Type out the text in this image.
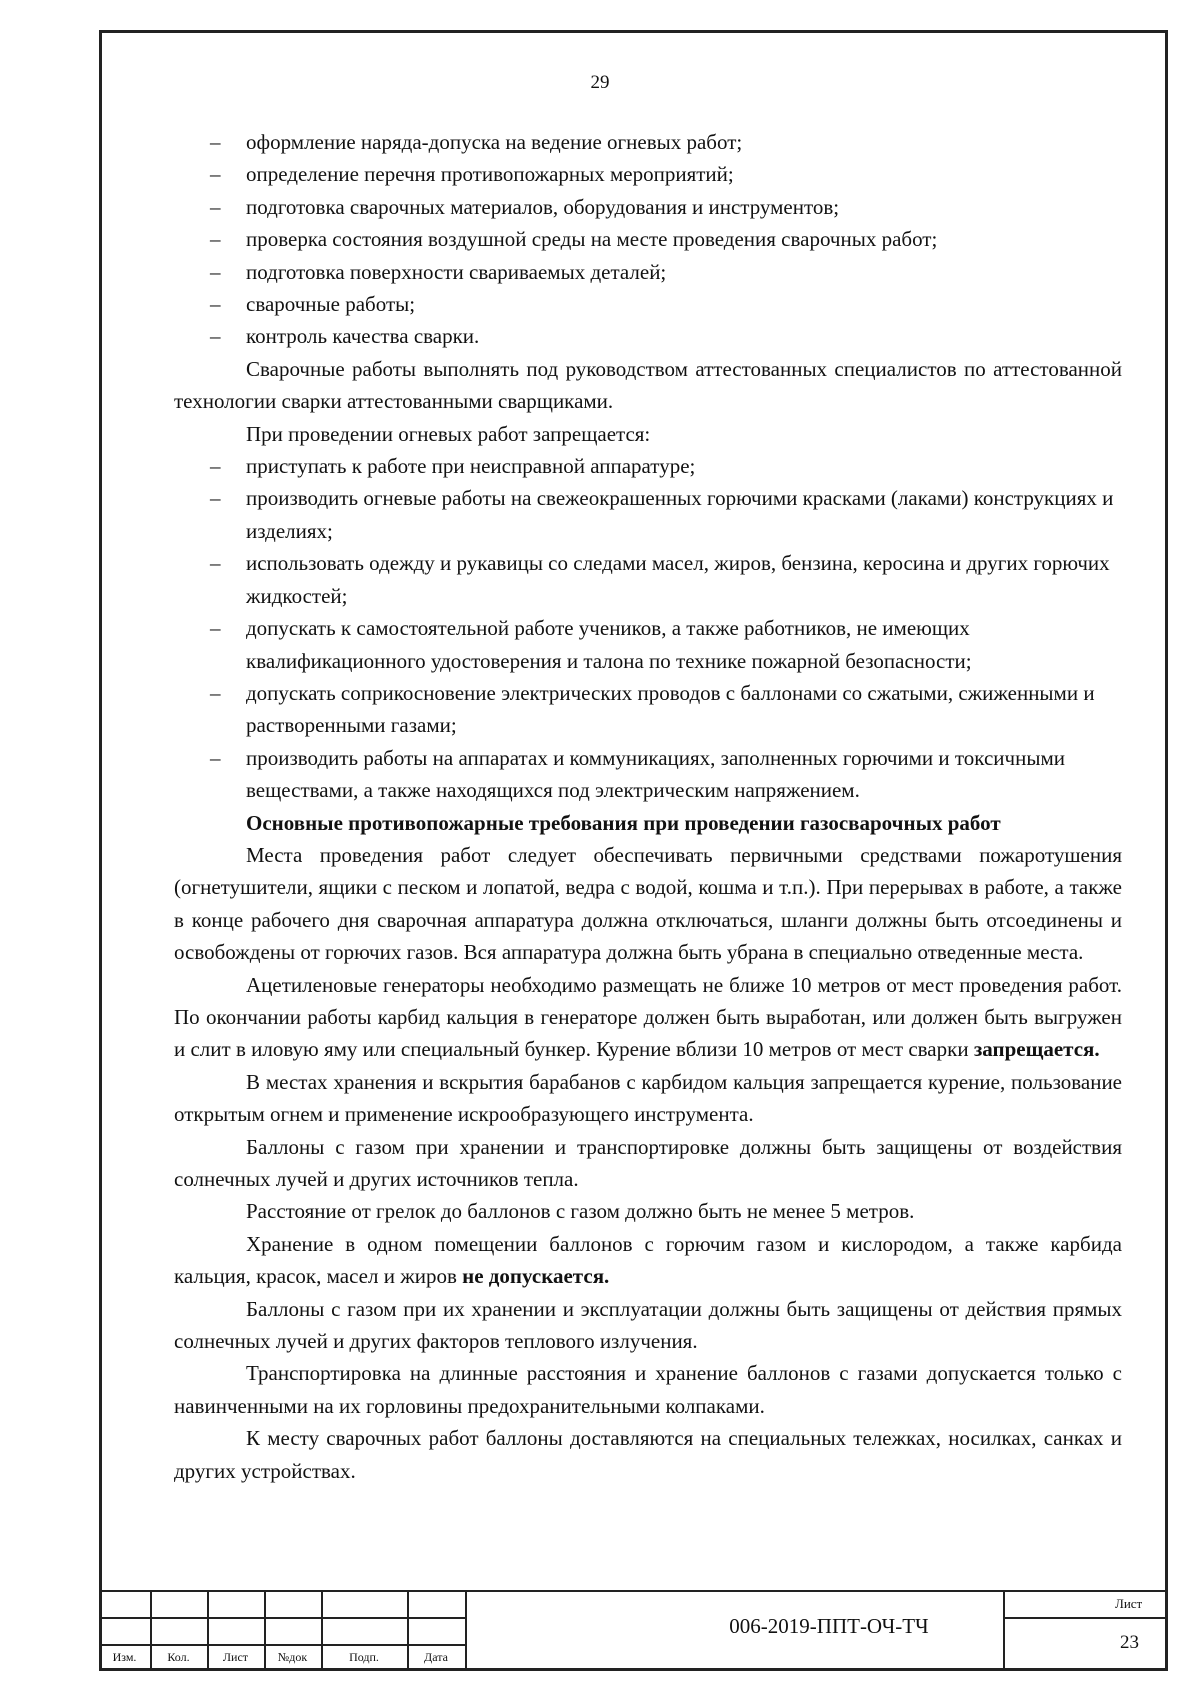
29

– оформление наряда-допуска на ведение огневых работ;

– определение перечня противопожарных мероприятий;

– подготовка сварочных материалов, оборудования и инструментов;

– проверка состояния воздушной среды на месте проведения сварочных работ;

– подготовка поверхности свариваемых деталей;

– сварочные работы;

– контроль качества сварки.

Сварочные работы выполнять под руководством аттестованных специалистов по аттестованной технологии сварки аттестованными сварщиками.

При проведении огневых работ запрещается:

– приступать к работе при неисправной аппаратуре;

– производить огневые работы на свежеокрашенных горючими красками (лаками) конструкциях и изделиях;

– использовать одежду и рукавицы со следами масел, жиров, бензина, керосина и других горючих жидкостей;

– допускать к самостоятельной работе учеников, а также работников, не имеющих квалификационного удостоверения и талона по технике пожарной безопасности;

– допускать соприкосновение электрических проводов с баллонами со сжатыми, сжиженными и растворенными газами;

– производить работы на аппаратах и коммуникациях, заполненных горючими и токсичными веществами, а также находящихся под электрическим напряжением.

Основные противопожарные требования при проведении газосварочных работ

Места проведения работ следует обеспечивать первичными средствами пожаротушения (огнетушители, ящики с песком и лопатой, ведра с водой, кошма и т.п.). При перерывах в работе, а также в конце рабочего дня сварочная аппаратура должна отключаться, шланги должны быть отсоединены и освобождены от горючих газов. Вся аппаратура должна быть убрана в специально отведенные места.

Ацетиленовые генераторы необходимо размещать не ближе 10 метров от мест проведения работ. По окончании работы карбид кальция в генераторе должен быть выработан, или должен быть выгружен и слит в иловую яму или специальный бункер. Курение вблизи 10 метров от мест сварки запрещается.

В местах хранения и вскрытия барабанов с карбидом кальция запрещается курение, пользование открытым огнем и применение искрообразующего инструмента.

Баллоны с газом при хранении и транспортировке должны быть защищены от воздействия солнечных лучей и других источников тепла.

Расстояние от грелок до баллонов с газом должно быть не менее 5 метров.

Хранение в одном помещении баллонов с горючим газом и кислородом, а также карбида кальция, красок, масел и жиров не допускается.

Баллоны с газом при их хранении и эксплуатации должны быть защищены от действия прямых солнечных лучей и других факторов теплового излучения.

Транспортировка на длинные расстояния и хранение баллонов с газами допускается только с навинченными на их горловины предохранительными колпаками.

К месту сварочных работ баллоны доставляются на специальных тележках, носилках, санках и других устройствах.

Изм.	Кол.	Лист	№док	Подп.	Дата
006-2019-ППТ-ОЧ-ТЧ
Лист
23
